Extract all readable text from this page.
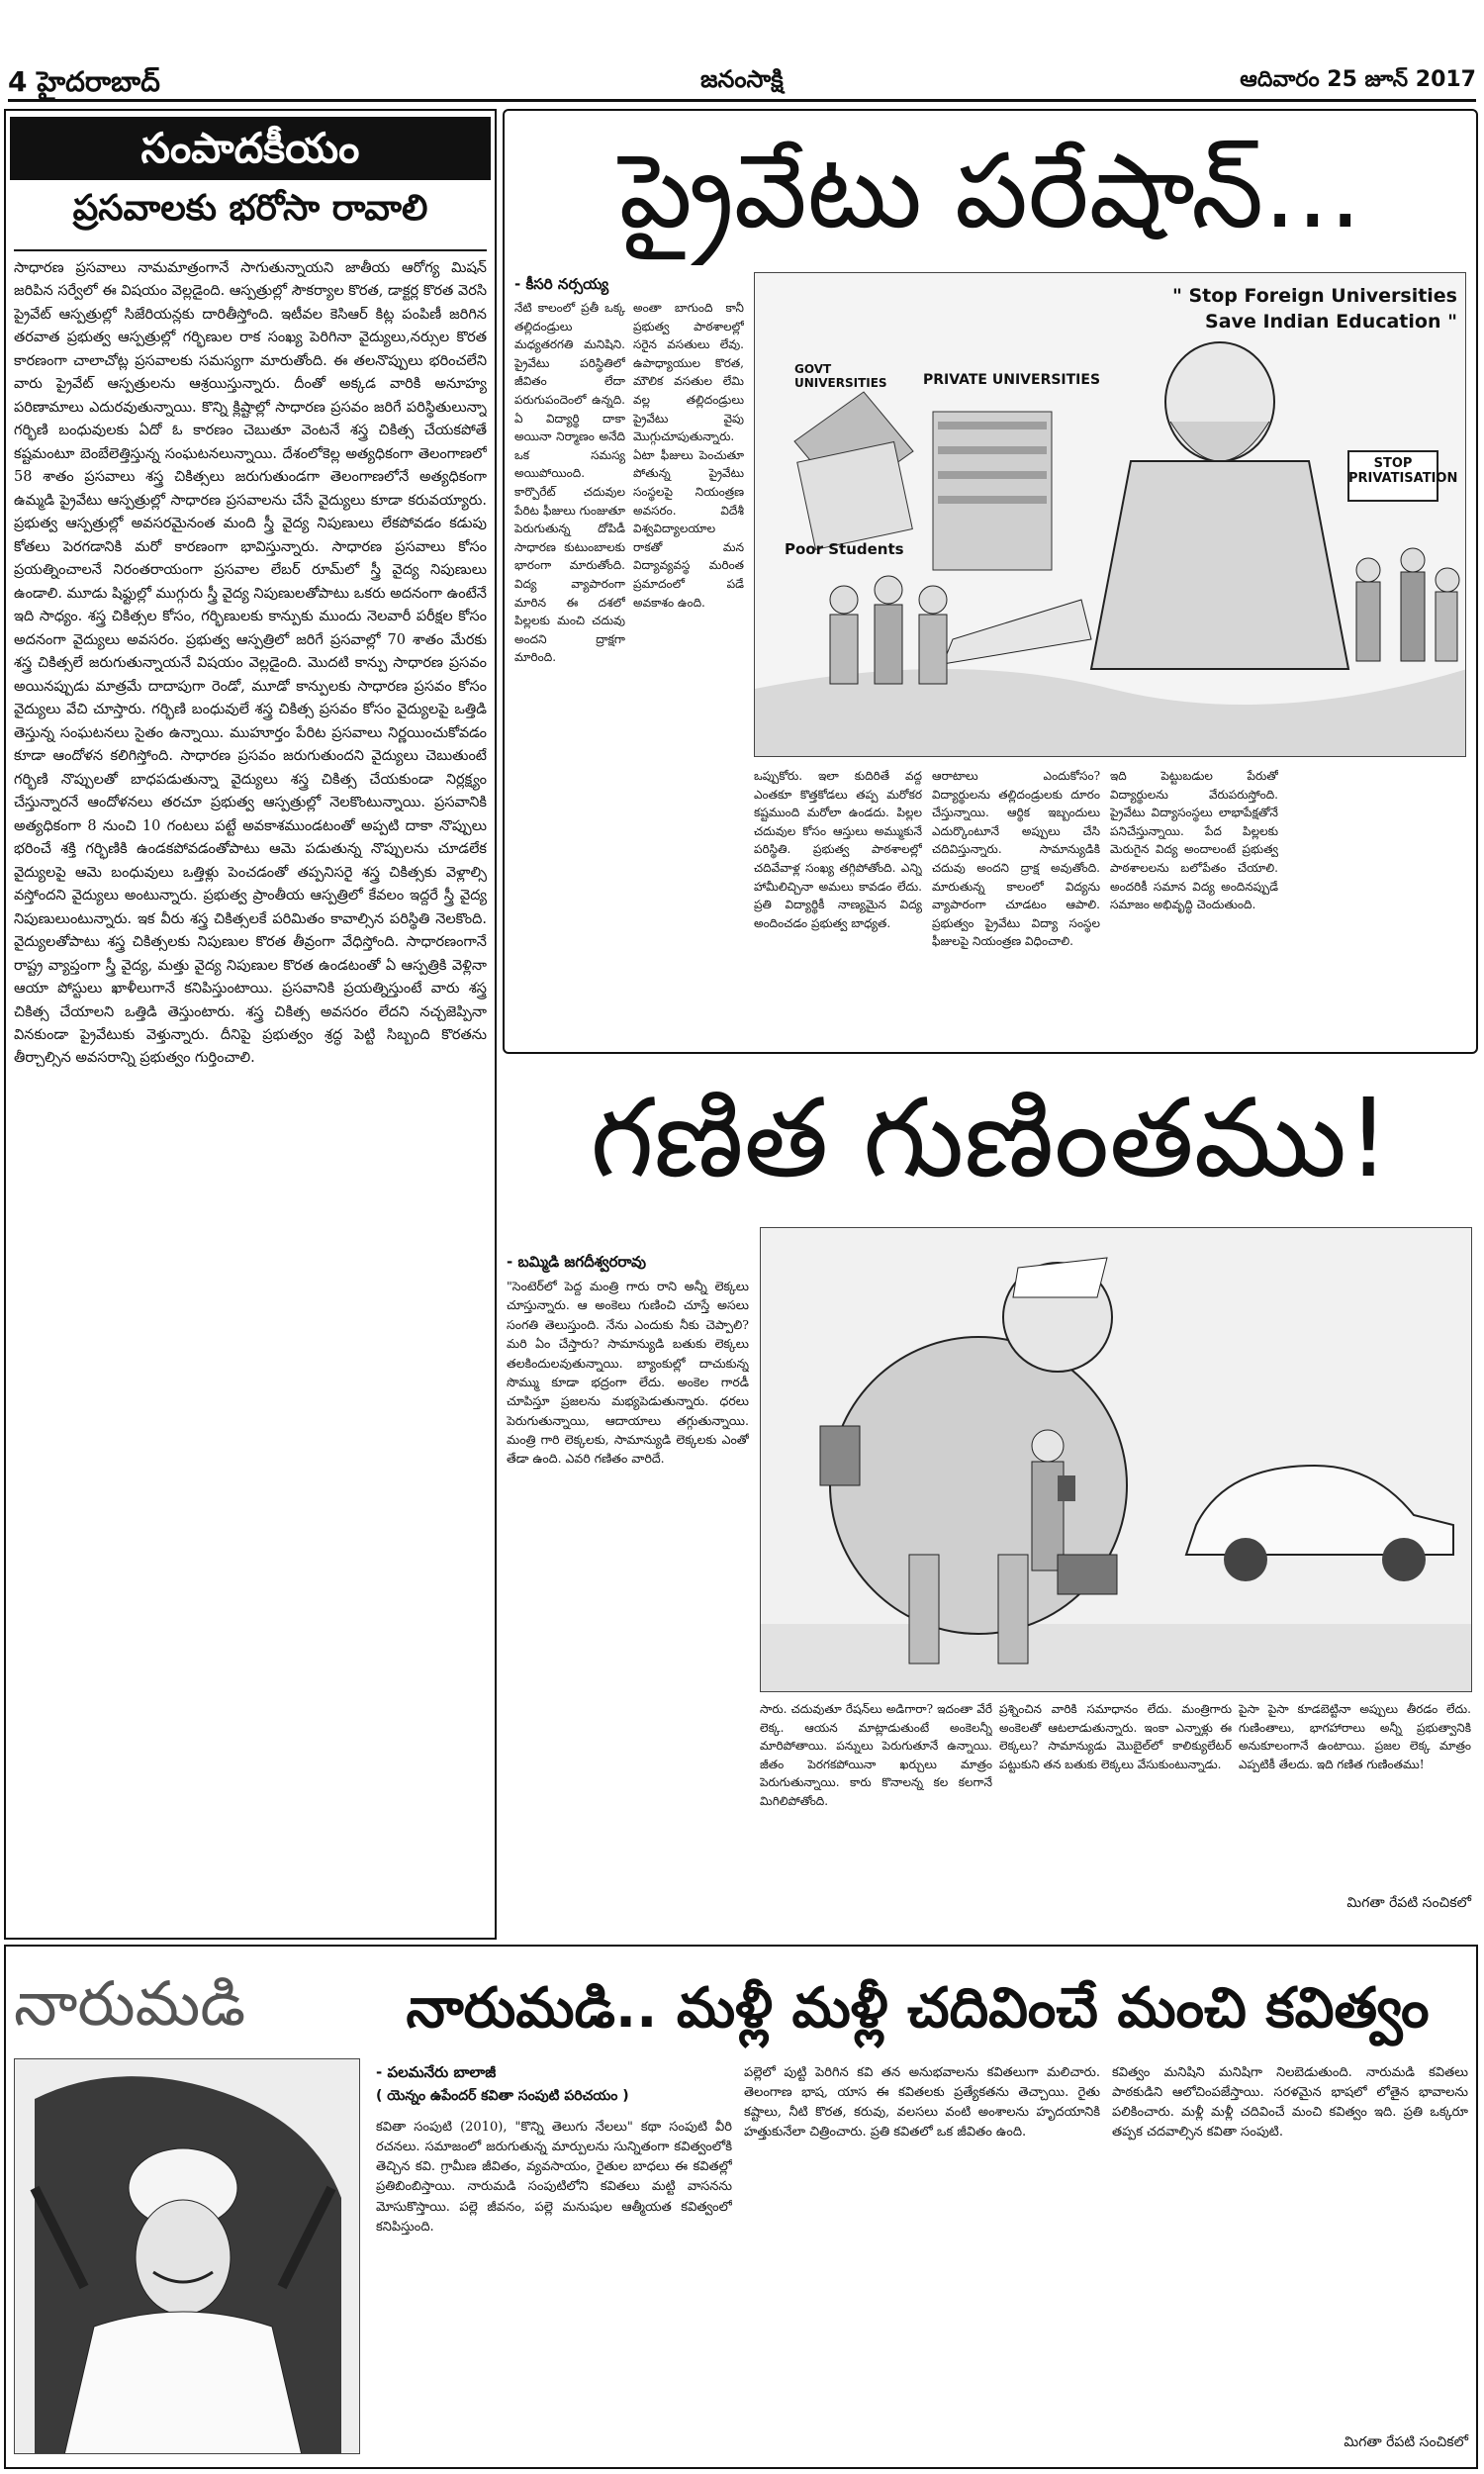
4 హైదరాబాద్	జనంసాక్షి	ఆదివారం 25 జూన్ 2017
సంపాదకీయం
ప్రసవాలకు భరోసా రావాలి
సాధారణ ప్రసవాలు నామమాత్రంగానే సాగుతున్నాయని జాతీయ ఆరోగ్య మిషన్ జరిపిన సర్వేలో ఈ విషయం వెల్లడైంది. ఆస్పత్రుల్లో సౌకర్యాల కొరత, డాక్టర్ల కొరత వెరసి ప్రైవేట్ ఆస్పత్రుల్లో సిజేరియన్లకు దారితీస్తోంది. ఇటీవల కెసిఆర్ కిట్ల పంపిణీ జరిగిన తరవాత ప్రభుత్వ ఆస్పత్రుల్లో గర్భిణుల రాక సంఖ్య పెరిగినా వైద్యులు,నర్సుల కొరత కారణంగా చాలాచోట్ల ప్రసవాలకు సమస్యగా మారుతోంది. ఈ తలనొప్పులు భరించలేని వారు ప్రైవేట్ ఆస్పత్రులను ఆశ్రయిస్తున్నారు. దీంతో అక్కడ వారికి అనూహ్య పరిణామాలు ఎదురవుతున్నాయి. కొన్ని క్లిష్టాల్లో సాధారణ ప్రసవం జరిగే పరిస్థితులున్నా గర్భిణి బంధువులకు ఏదో ఓ కారణం చెబుతూ వెంటనే శస్త్ర చికిత్స చేయకపోతే కష్టమంటూ బెంబేలెత్తిస్తున్న సంఘటనలున్నాయి. దేశంలోకెల్ల అత్యధికంగా తెలంగాణలో 58 శాతం ప్రసవాలు శస్త్ర చికిత్సలు జరుగుతుండగా తెలంగాణలోనే అత్యధికంగా ఉమ్మడి ప్రైవేటు ఆస్పత్రుల్లో సాధారణ ప్రసవాలను చేసే వైద్యులు కూడా కరువయ్యారు. ప్రభుత్వ ఆస్పత్రుల్లో అవసరమైనంత మంది స్త్రీ వైద్య నిపుణులు లేకపోవడం కడుపు కోతలు పెరగడానికి మరో కారణంగా భావిస్తున్నారు. సాధారణ ప్రసవాలు కోసం ప్రయత్నించాలనే నిరంతరాయంగా ప్రసవాల లేబర్ రూమ్‌లో స్త్రీ వైద్య నిపుణులు ఉండాలి. మూడు షిఫ్టుల్లో ముగ్గురు స్త్రీ వైద్య నిపుణులతోపాటు ఒకరు అదనంగా ఉంటేనే ఇది సాధ్యం. శస్త్ర చికిత్సల కోసం, గర్భిణులకు కాన్పుకు ముందు నెలవారీ పరీక్షల కోసం అదనంగా వైద్యులు అవసరం. ప్రభుత్వ ఆస్పత్రిలో జరిగే ప్రసవాల్లో 70 శాతం మేరకు శస్త్ర చికిత్సలే జరుగుతున్నాయనే విషయం వెల్లడైంది. మొదటి కాన్పు సాధారణ ప్రసవం అయినప్పుడు మాత్రమే దాదాపుగా రెండో, మూడో కాన్పులకు సాధారణ ప్రసవం కోసం వైద్యులు వేచి చూస్తారు. గర్భిణి బంధువులే శస్త్ర చికిత్స ప్రసవం కోసం వైద్యులపై ఒత్తిడి తెస్తున్న సంఘటనలు సైతం ఉన్నాయి. ముహూర్తం పేరిట ప్రసవాలు నిర్ణయించుకోవడం కూడా ఆందోళన కలిగిస్తోంది. సాధారణ ప్రసవం జరుగుతుందని వైద్యులు చెబుతుంటే గర్భిణి నొప్పులతో బాధపడుతున్నా వైద్యులు శస్త్ర చికిత్స చేయకుండా నిర్లక్ష్యం చేస్తున్నారనే ఆందోళనలు తరచూ ప్రభుత్వ ఆస్పత్రుల్లో నెలకొంటున్నాయి. ప్రసవానికి అత్యధికంగా 8 నుంచి 10 గంటలు పట్టే అవకాశముండటంతో అప్పటి దాకా నొప్పులు భరించే శక్తి గర్భిణికి ఉండకపోవడంతోపాటు ఆమె పడుతున్న నొప్పులను చూడలేక వైద్యులపై ఆమె బంధువులు ఒత్తిళ్లు పెంచడంతో తప్పనిసరై శస్త్ర చికిత్సకు వెళ్లాల్సి వస్తోందని వైద్యులు అంటున్నారు. ప్రభుత్వ ప్రాంతీయ ఆస్పత్రిలో కేవలం ఇద్దరే స్త్రీ వైద్య నిపుణులుంటున్నారు. ఇక వీరు శస్త్ర చికిత్సలకే పరిమితం కావాల్సిన పరిస్థితి నెలకొంది. వైద్యులతోపాటు శస్త్ర చికిత్సలకు నిపుణుల కొరత తీవ్రంగా వేధిస్తోంది. సాధారణంగానే రాష్ట్ర వ్యాప్తంగా స్త్రీ వైద్య, మత్తు వైద్య నిపుణుల కొరత ఉండటంతో ఏ ఆస్పత్రికి వెళ్లినా ఆయా పోస్టులు ఖాళీలుగానే కనిపిస్తుంటాయి. ప్రసవానికి ప్రయత్నిస్తుంటే వారు శస్త్ర చికిత్స చేయాలని ఒత్తిడి తెస్తుంటారు. శస్త్ర చికిత్స అవసరం లేదని నచ్చజెప్పినా వినకుండా ప్రైవేటుకు వెళ్తున్నారు. దీనిపై ప్రభుత్వం శ్రద్ధ పెట్టి సిబ్బంది కొరతను తీర్చాల్సిన అవసరాన్ని ప్రభుత్వం గుర్తించాలి.
ప్రైవేటు పరేషాన్...
- కీసరి నర్సయ్య
నేటి కాలంలో ప్రతీ ఒక్క తల్లిదండ్రులు మధ్యతరగతి మనిషిని. ప్రైవేటు పరిస్థితిలో జీవితం లేదా పరుగుపందెంలో ఉన్నది. ఏ విద్యార్థి దాకా అయినా నిర్మాణం అనేది ఒక సమస్య అయిపోయింది. కార్పొరేట్ చదువుల పేరిట ఫీజులు గుంజుతూ పెరుగుతున్న దోపిడీ సాధారణ కుటుంబాలకు భారంగా మారుతోంది. విద్య వ్యాపారంగా మారిన ఈ దశలో పిల్లలకు మంచి చదువు అందని ద్రాక్షగా మారింది.
అంతా బాగుంది కానీ ప్రభుత్వ పాఠశాలల్లో సరైన వసతులు లేవు. ఉపాధ్యాయుల కొరత, మౌలిక వసతుల లేమి వల్ల తల్లిదండ్రులు ప్రైవేటు వైపు మొగ్గుచూపుతున్నారు. ఏటా ఫీజులు పెంచుతూ పోతున్న ప్రైవేటు సంస్థలపై నియంత్రణ అవసరం. విదేశీ విశ్వవిద్యాలయాల రాకతో మన విద్యావ్యవస్థ మరింత ప్రమాదంలో పడే అవకాశం ఉంది.
" Stop Foreign Universities
Save Indian Education "
GOVT UNIVERSITIES	PRIVATE UNIVERSITIES
Poor Students
STOP PRIVATISATION
ఒప్పుకోరు. ఇలా కుదిరితే వద్ద ఎంతకూ కొత్తకోడలు తప్ప మరోకర కష్టముంది మరోలా ఉండదు. పిల్లల చదువుల కోసం ఆస్తులు అమ్ముకునే పరిస్థితి. ప్రభుత్వ పాఠశాలల్లో చదివేవాళ్ల సంఖ్య తగ్గిపోతోంది. ఎన్ని హామీలిచ్చినా అమలు కావడం లేదు. ప్రతి విద్యార్థికీ నాణ్యమైన విద్య అందించడం ప్రభుత్వ బాధ్యత.
ఆరాటాలు ఎందుకోసం? విద్యార్థులను తల్లిదండ్రులకు దూరం చేస్తున్నాయి. ఆర్థిక ఇబ్బందులు ఎదుర్కొంటూనే అప్పులు చేసి చదివిస్తున్నారు. సామాన్యుడికి చదువు అందని ద్రాక్ష అవుతోంది. మారుతున్న కాలంలో విద్యను వ్యాపారంగా చూడటం ఆపాలి. ప్రభుత్వం ప్రైవేటు విద్యా సంస్థల ఫీజులపై నియంత్రణ విధించాలి.
ఇది పెట్టుబడుల పేరుతో విద్యార్థులను వేరుపరుస్తోంది. ప్రైవేటు విద్యాసంస్థలు లాభాపేక్షతోనే పనిచేస్తున్నాయి. పేద పిల్లలకు మెరుగైన విద్య అందాలంటే ప్రభుత్వ పాఠశాలలను బలోపేతం చేయాలి. అందరికీ సమాన విద్య అందినప్పుడే సమాజం అభివృద్ధి చెందుతుంది.
గణిత గుణింతము!
- బమ్మిడి జగదీశ్వరరావు
"సెంటెర్‌లో పెద్ద మంత్రి గారు రాని అన్నీ లెక్కలు చూస్తున్నారు. ఆ అంకెలు గుణించి చూస్తే అసలు సంగతి తెలుస్తుంది. నేను ఎందుకు నీకు చెప్పాలి? మరి ఏం చేస్తారు? సామాన్యుడి బతుకు లెక్కలు తలకిందులవుతున్నాయి. బ్యాంకుల్లో దాచుకున్న సొమ్ము కూడా భద్రంగా లేదు. అంకెల గారడీ చూపిస్తూ ప్రజలను మభ్యపెడుతున్నారు. ధరలు పెరుగుతున్నాయి, ఆదాయాలు తగ్గుతున్నాయి. మంత్రి గారి లెక్కలకు, సామాన్యుడి లెక్కలకు ఎంతో తేడా ఉంది. ఎవరి గణితం వారిదే.
సారు. చదువుతూ రేషన్‌లు అడిగారా? ఇదంతా వేరే లెక్క. ఆయన మాట్లాడుతుంటే అంకెలన్నీ మారిపోతాయి. పన్నులు పెరుగుతూనే ఉన్నాయి. జీతం పెరగకపోయినా ఖర్చులు మాత్రం పెరుగుతున్నాయి. కారు కొనాలన్న కల కలగానే మిగిలిపోతోంది.
ప్రశ్నించిన వారికి సమాధానం లేదు. మంత్రిగారు అంకెలతో ఆటలాడుతున్నారు. ఇంకా ఎన్నాళ్లు ఈ లెక్కలు? సామాన్యుడు మొబైల్‌లో కాలిక్యులేటర్ పట్టుకుని తన బతుకు లెక్కలు వేసుకుంటున్నాడు.
పైసా పైసా కూడబెట్టినా అప్పులు తీరడం లేదు. గుణింతాలు, భాగహారాలు అన్నీ ప్రభుత్వానికి అనుకూలంగానే ఉంటాయి. ప్రజల లెక్క మాత్రం ఎప్పటికీ తేలదు. ఇది గణిత గుణింతము!
మిగతా రేపటి సంచికలో
నారుమడి	నారుమడి.. మళ్లీ మళ్లీ చదివించే మంచి కవిత్వం
- పలమనేరు బాలాజీ
( యెన్నం ఉపేందర్ కవితా సంపుటి పరిచయం )
కవితా సంపుటి (2010), "కొన్ని తెలుగు నేలలు" కథా సంపుటి వీరి రచనలు. సమాజంలో జరుగుతున్న మార్పులను సున్నితంగా కవిత్వంలోకి తెచ్చిన కవి. గ్రామీణ జీవితం, వ్యవసాయం, రైతుల బాధలు ఈ కవితల్లో ప్రతిబింబిస్తాయి. నారుమడి సంపుటిలోని కవితలు మట్టి వాసనను మోసుకొస్తాయి. పల్లె జీవనం, పల్లె మనుషుల ఆత్మీయత కవిత్వంలో కనిపిస్తుంది.
పల్లెలో పుట్టి పెరిగిన కవి తన అనుభవాలను కవితలుగా మలిచారు. తెలంగాణ భాష, యాస ఈ కవితలకు ప్రత్యేకతను తెచ్చాయి. రైతు కష్టాలు, నీటి కొరత, కరువు, వలసలు వంటి అంశాలను హృదయానికి హత్తుకునేలా చిత్రించారు. ప్రతి కవితలో ఒక జీవితం ఉంది.
కవిత్వం మనిషిని మనిషిగా నిలబెడుతుంది. నారుమడి కవితలు పాఠకుడిని ఆలోచింపజేస్తాయి. సరళమైన భాషలో లోతైన భావాలను పలికించారు. మళ్లీ మళ్లీ చదివించే మంచి కవిత్వం ఇది. ప్రతి ఒక్కరూ తప్పక చదవాల్సిన కవితా సంపుటి.
మిగతా రేపటి సంచికలో
